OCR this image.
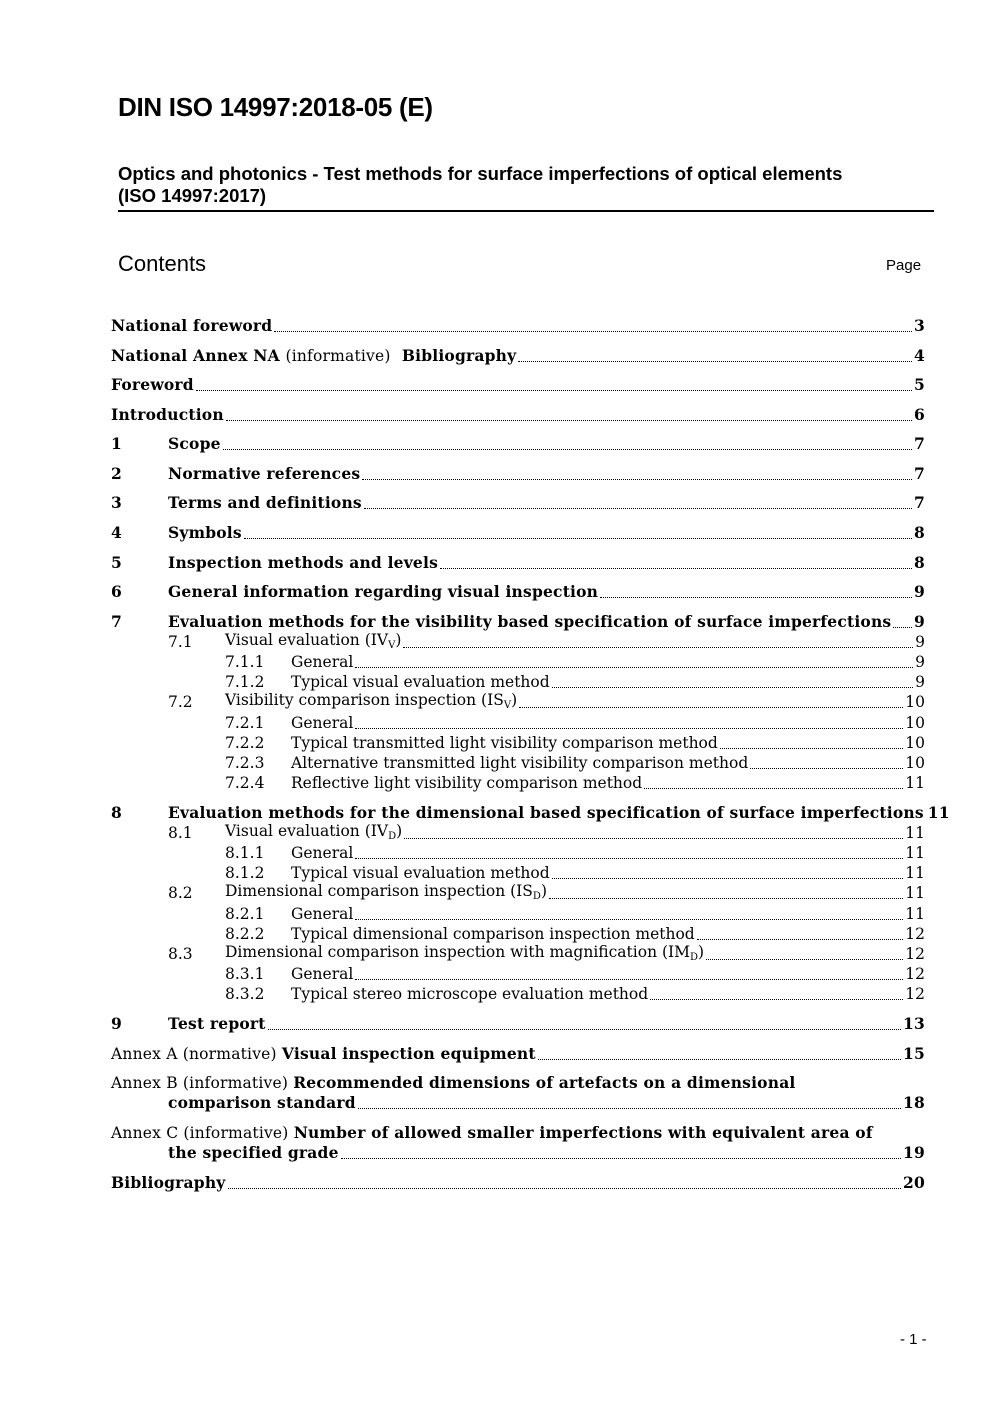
DIN ISO 14997:2018-05 (E)
Optics and photonics - Test methods for surface imperfections of optical elements
(ISO 14997:2017)
Contents	Page
National foreword	3
National Annex NA (informative)  Bibliography	4
Foreword	5
Introduction	6
1	Scope	7
2	Normative references	7
3	Terms and definitions	7
4	Symbols	8
5	Inspection methods and levels	8
6	General information regarding visual inspection	9
7	Evaluation methods for the visibility based specification of surface imperfections 9
7.1 Visual evaluation $(IV_V)$	9
7.1.1 General	9
7.1.2 Typical visual evaluation method	9
7.2 Visibility comparison inspection $(IS_V)$	10
7.2.1 General	10
7.2.2 Typical transmitted light visibility comparison method	10
7.2.3 Alternative transmitted light visibility comparison method	10
7.2.4 Reflective light visibility comparison method	11
8	Evaluation methods for the dimensional based specification of surface imperfections 11
8.1 Visual evaluation $(IV_D)$	11
8.1.1 General	11
8.1.2 Typical visual evaluation method	11
8.2 Dimensional comparison inspection $(IS_D)$	11
8.2.1 General	11
8.2.2 Typical dimensional comparison inspection method	12
8.3 Dimensional comparison inspection with magnification $(IM_D)$	12
8.3.1 General	12
8.3.2 Typical stereo microscope evaluation method	12
9	Test report	13
Annex A (normative) Visual inspection equipment	15
Annex B (informative) Recommended dimensions of artefacts on a dimensional
comparison standard	18
Annex C (informative) Number of allowed smaller imperfections with equivalent area of
the specified grade	19
Bibliography	20
- 1 -
